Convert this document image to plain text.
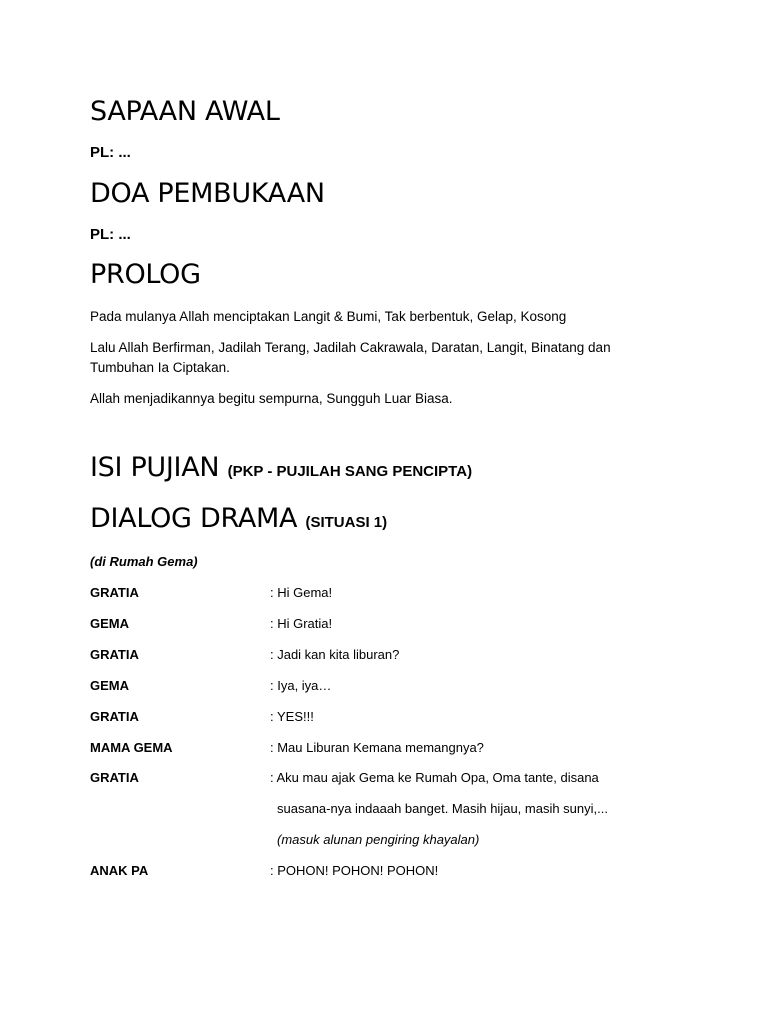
SAPAAN AWAL
PL: ...
DOA PEMBUKAAN
PL: ...
PROLOG
Pada mulanya Allah menciptakan Langit & Bumi, Tak berbentuk, Gelap, Kosong
Lalu Allah Berfirman, Jadilah Terang, Jadilah Cakrawala, Daratan, Langit, Binatang dan Tumbuhan Ia Ciptakan.
Allah menjadikannya begitu sempurna, Sungguh Luar Biasa.
ISI PUJIAN (PKP - PUJILAH SANG PENCIPTA)
DIALOG DRAMA (SITUASI 1)
(di Rumah Gema)
GRATIA	: Hi Gema!
GEMA	: Hi Gratia!
GRATIA	: Jadi kan kita liburan?
GEMA	: Iya, iya…
GRATIA	: YES!!!
MAMA GEMA	: Mau Liburan Kemana memangnya?
GRATIA	: Aku mau ajak Gema ke Rumah Opa, Oma tante, disana
suasana-nya indaaah banget. Masih hijau, masih sunyi,...
(masuk alunan pengiring khayalan)
ANAK PA	: POHON! POHON! POHON!
